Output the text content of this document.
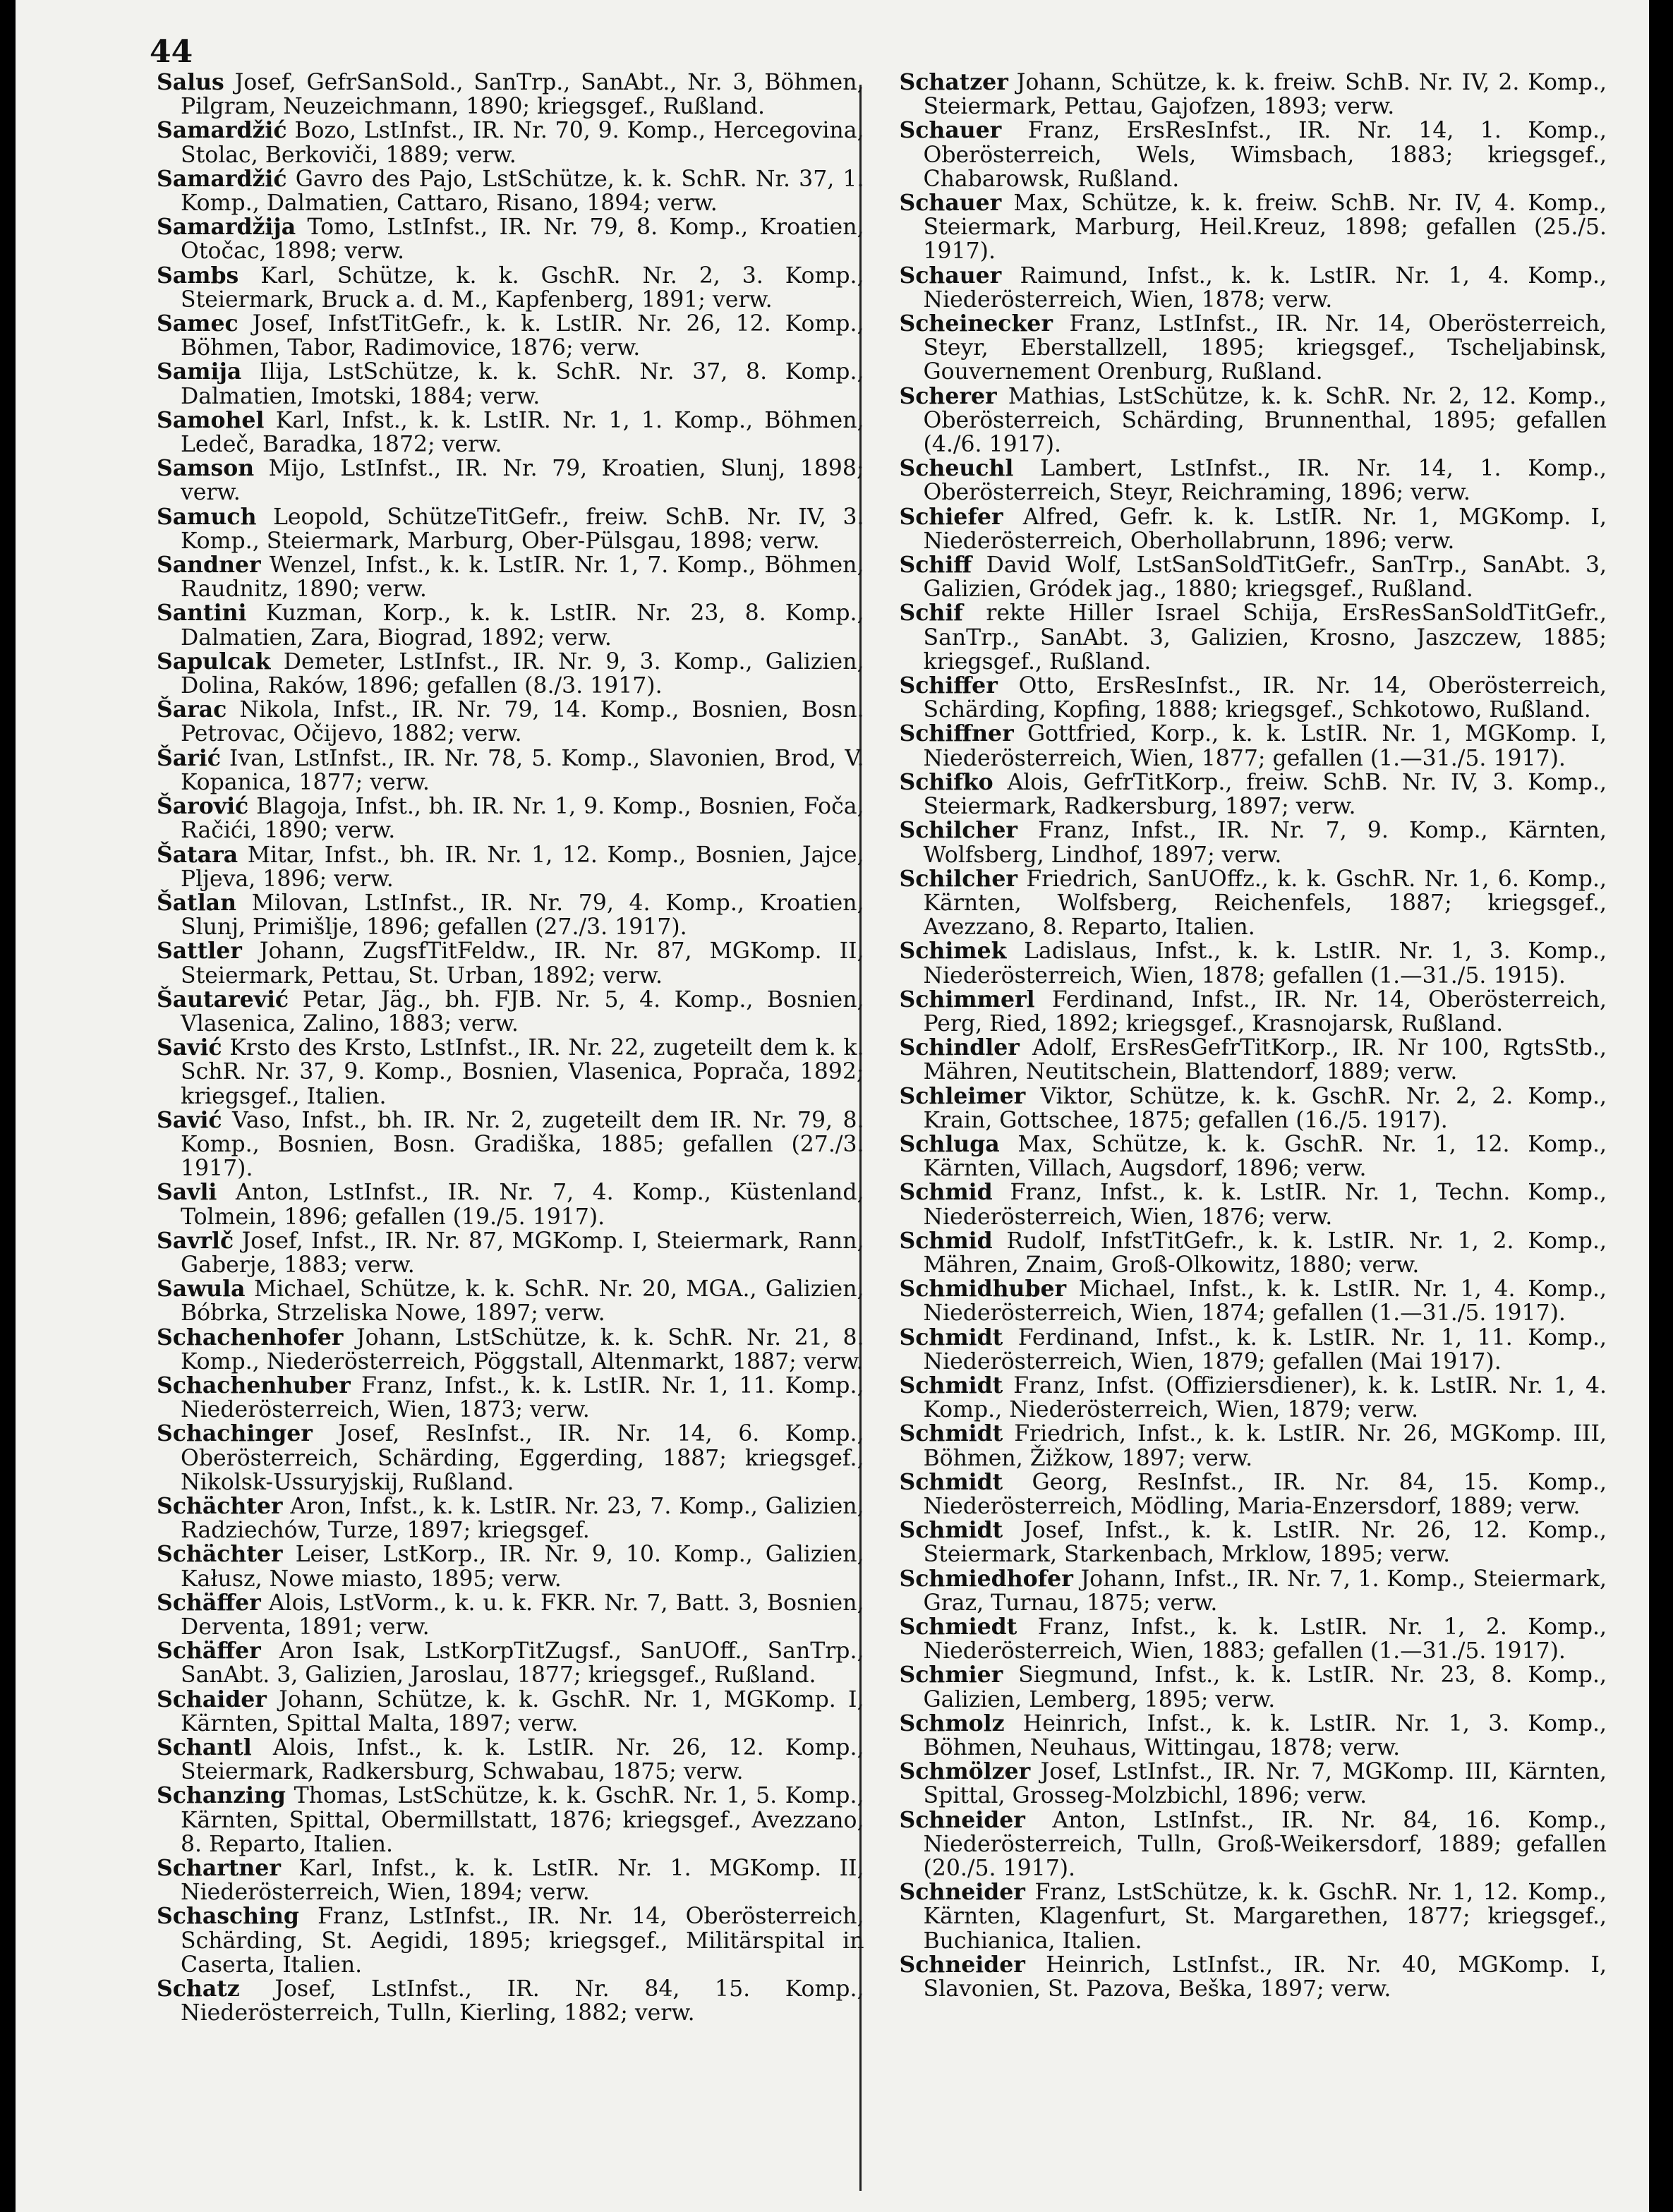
44

Salus Josef, GefrSanSold., SanTrp., SanAbt., Nr. 3, Böhmen, Pilgram, Neuzeichmann, 1890; kriegsgef., Rußland.

Samardžić Bozo, LstInfst., IR. Nr. 70, 9. Komp., Hercegovina, Stolac, Berkoviči, 1889; verw.

Samardžić Gavro des Pajo, LstSchütze, k. k. SchR. Nr. 37, 1. Komp., Dalmatien, Cattaro, Risano, 1894; verw.

Samardžija Tomo, LstInfst., IR. Nr. 79, 8. Komp., Kroatien, Otočac, 1898; verw.

Sambs Karl, Schütze, k. k. GschR. Nr. 2, 3. Komp., Steiermark, Bruck a. d. M., Kapfenberg, 1891; verw.

Samec Josef, InfstTitGefr., k. k. LstIR. Nr. 26, 12. Komp., Böhmen, Tabor, Radimovice, 1876; verw.

Samija Ilija, LstSchütze, k. k. SchR. Nr. 37, 8. Komp., Dalmatien, Imotski, 1884; verw.

Samohel Karl, Infst., k. k. LstIR. Nr. 1, 1. Komp., Böhmen, Ledeč, Baradka, 1872; verw.

Samson Mijo, LstInfst., IR. Nr. 79, Kroatien, Slunj, 1898; verw.

Samuch Leopold, SchützeTitGefr., freiw. SchB. Nr. IV, 3. Komp., Steiermark, Marburg, Ober-Pülsgau, 1898; verw.

Sandner Wenzel, Infst., k. k. LstIR. Nr. 1, 7. Komp., Böhmen, Raudnitz, 1890; verw.

Santini Kuzman, Korp., k. k. LstIR. Nr. 23, 8. Komp., Dalmatien, Zara, Biograd, 1892; verw.

Sapulcak Demeter, LstInfst., IR. Nr. 9, 3. Komp., Galizien, Dolina, Raków, 1896; gefallen (8./3. 1917).

Šarac Nikola, Infst., IR. Nr. 79, 14. Komp., Bosnien, Bosn. Petrovac, Očijevo, 1882; verw.

Šarić Ivan, LstInfst., IR. Nr. 78, 5. Komp., Slavonien, Brod, V. Kopanica, 1877; verw.

Šarović Blagoja, Infst., bh. IR. Nr. 1, 9. Komp., Bosnien, Foča, Račići, 1890; verw.

Šatara Mitar, Infst., bh. IR. Nr. 1, 12. Komp., Bosnien, Jajce, Pljeva, 1896; verw.

Šatlan Milovan, LstInfst., IR. Nr. 79, 4. Komp., Kroatien, Slunj, Primišlje, 1896; gefallen (27./3. 1917).

Sattler Johann, ZugsfTitFeldw., IR. Nr. 87, MGKomp. II, Steiermark, Pettau, St. Urban, 1892; verw.

Šautarević Petar, Jäg., bh. FJB. Nr. 5, 4. Komp., Bosnien, Vlasenica, Zalino, 1883; verw.

Savić Krsto des Krsto, LstInfst., IR. Nr. 22, zugeteilt dem k. k. SchR. Nr. 37, 9. Komp., Bosnien, Vlasenica, Poprača, 1892; kriegsgef., Italien.

Savić Vaso, Infst., bh. IR. Nr. 2, zugeteilt dem IR. Nr. 79, 8. Komp., Bosnien, Bosn. Gradiška, 1885; gefallen (27./3. 1917).

Savli Anton, LstInfst., IR. Nr. 7, 4. Komp., Küstenland, Tolmein, 1896; gefallen (19./5. 1917).

Savrlč Josef, Infst., IR. Nr. 87, MGKomp. I, Steiermark, Rann, Gaberje, 1883; verw.

Sawula Michael, Schütze, k. k. SchR. Nr. 20, MGA., Galizien, Bóbrka, Strzeliska Nowe, 1897; verw.

Schachenhofer Johann, LstSchütze, k. k. SchR. Nr. 21, 8. Komp., Niederösterreich, Pöggstall, Altenmarkt, 1887; verw.

Schachenhuber Franz, Infst., k. k. LstIR. Nr. 1, 11. Komp., Niederösterreich, Wien, 1873; verw.

Schachinger Josef, ResInfst., IR. Nr. 14, 6. Komp., Oberösterreich, Schärding, Eggerding, 1887; kriegsgef., Nikolsk-Ussuryjskij, Rußland.

Schächter Aron, Infst., k. k. LstIR. Nr. 23, 7. Komp., Galizien, Radziechów, Turze, 1897; kriegsgef.

Schächter Leiser, LstKorp., IR. Nr. 9, 10. Komp., Galizien, Kałusz, Nowe miasto, 1895; verw.

Schäffer Alois, LstVorm., k. u. k. FKR. Nr. 7, Batt. 3, Bosnien, Derventa, 1891; verw.

Schäffer Aron Isak, LstKorpTitZugsf., SanUOff., SanTrp., SanAbt. 3, Galizien, Jaroslau, 1877; kriegsgef., Rußland.

Schaider Johann, Schütze, k. k. GschR. Nr. 1, MGKomp. I, Kärnten, Spittal Malta, 1897; verw.

Schantl Alois, Infst., k. k. LstIR. Nr. 26, 12. Komp., Steiermark, Radkersburg, Schwabau, 1875; verw.

Schanzing Thomas, LstSchütze, k. k. GschR. Nr. 1, 5. Komp., Kärnten, Spittal, Obermillstatt, 1876; kriegsgef., Avezzano, 8. Reparto, Italien.

Schartner Karl, Infst., k. k. LstIR. Nr. 1. MGKomp. II, Niederösterreich, Wien, 1894; verw.

Schasching Franz, LstInfst., IR. Nr. 14, Oberösterreich, Schärding, St. Aegidi, 1895; kriegsgef., Militärspital in Caserta, Italien.

Schatz Josef, LstInfst., IR. Nr. 84, 15. Komp., Niederösterreich, Tulln, Kierling, 1882; verw.

Schatzer Johann, Schütze, k. k. freiw. SchB. Nr. IV, 2. Komp., Steiermark, Pettau, Gajofzen, 1893; verw.

Schauer Franz, ErsResInfst., IR. Nr. 14, 1. Komp., Oberösterreich, Wels, Wimsbach, 1883; kriegsgef., Chabarowsk, Rußland.

Schauer Max, Schütze, k. k. freiw. SchB. Nr. IV, 4. Komp., Steiermark, Marburg, Heil.Kreuz, 1898; gefallen (25./5. 1917).

Schauer Raimund, Infst., k. k. LstIR. Nr. 1, 4. Komp., Niederösterreich, Wien, 1878; verw.

Scheinecker Franz, LstInfst., IR. Nr. 14, Oberösterreich, Steyr, Eberstallzell, 1895; kriegsgef., Tscheljabinsk, Gouvernement Orenburg, Rußland.

Scherer Mathias, LstSchütze, k. k. SchR. Nr. 2, 12. Komp., Oberösterreich, Schärding, Brunnenthal, 1895; gefallen (4./6. 1917).

Scheuchl Lambert, LstInfst., IR. Nr. 14, 1. Komp., Oberösterreich, Steyr, Reichraming, 1896; verw.

Schiefer Alfred, Gefr. k. k. LstIR. Nr. 1, MGKomp. I, Niederösterreich, Oberhollabrunn, 1896; verw.

Schiff David Wolf, LstSanSoldTitGefr., SanTrp., SanAbt. 3, Galizien, Gródek jag., 1880; kriegsgef., Rußland.

Schif rekte Hiller Israel Schija, ErsResSanSoldTitGefr., SanTrp., SanAbt. 3, Galizien, Krosno, Jaszczew, 1885; kriegsgef., Rußland.

Schiffer Otto, ErsResInfst., IR. Nr. 14, Oberösterreich, Schärding, Kopfing, 1888; kriegsgef., Schkotowo, Rußland.

Schiffner Gottfried, Korp., k. k. LstIR. Nr. 1, MGKomp. I, Niederösterreich, Wien, 1877; gefallen (1.—31./5. 1917).

Schifko Alois, GefrTitKorp., freiw. SchB. Nr. IV, 3. Komp., Steiermark, Radkersburg, 1897; verw.

Schilcher Franz, Infst., IR. Nr. 7, 9. Komp., Kärnten, Wolfsberg, Lindhof, 1897; verw.

Schilcher Friedrich, SanUOffz., k. k. GschR. Nr. 1, 6. Komp., Kärnten, Wolfsberg, Reichenfels, 1887; kriegsgef., Avezzano, 8. Reparto, Italien.

Schimek Ladislaus, Infst., k. k. LstIR. Nr. 1, 3. Komp., Niederösterreich, Wien, 1878; gefallen (1.—31./5. 1915).

Schimmerl Ferdinand, Infst., IR. Nr. 14, Oberösterreich, Perg, Ried, 1892; kriegsgef., Krasnojarsk, Rußland.

Schindler Adolf, ErsResGefrTitKorp., IR. Nr 100, RgtsStb., Mähren, Neutitschein, Blattendorf, 1889; verw.

Schleimer Viktor, Schütze, k. k. GschR. Nr. 2, 2. Komp., Krain, Gottschee, 1875; gefallen (16./5. 1917).

Schluga Max, Schütze, k. k. GschR. Nr. 1, 12. Komp., Kärnten, Villach, Augsdorf, 1896; verw.

Schmid Franz, Infst., k. k. LstIR. Nr. 1, Techn. Komp., Niederösterreich, Wien, 1876; verw.

Schmid Rudolf, InfstTitGefr., k. k. LstIR. Nr. 1, 2. Komp., Mähren, Znaim, Groß-Olkowitz, 1880; verw.

Schmidhuber Michael, Infst., k. k. LstIR. Nr. 1, 4. Komp., Niederösterreich, Wien, 1874; gefallen (1.—31./5. 1917).

Schmidt Ferdinand, Infst., k. k. LstIR. Nr. 1, 11. Komp., Niederösterreich, Wien, 1879; gefallen (Mai 1917).

Schmidt Franz, Infst. (Offiziersdiener), k. k. LstIR. Nr. 1, 4. Komp., Niederösterreich, Wien, 1879; verw.

Schmidt Friedrich, Infst., k. k. LstIR. Nr. 26, MGKomp. III, Böhmen, Žižkow, 1897; verw.

Schmidt Georg, ResInfst., IR. Nr. 84, 15. Komp., Niederösterreich, Mödling, Maria-Enzersdorf, 1889; verw.

Schmidt Josef, Infst., k. k. LstIR. Nr. 26, 12. Komp., Steiermark, Starkenbach, Mrklow, 1895; verw.

Schmiedhofer Johann, Infst., IR. Nr. 7, 1. Komp., Steiermark, Graz, Turnau, 1875; verw.

Schmiedt Franz, Infst., k. k. LstIR. Nr. 1, 2. Komp., Niederösterreich, Wien, 1883; gefallen (1.—31./5. 1917).

Schmier Siegmund, Infst., k. k. LstIR. Nr. 23, 8. Komp., Galizien, Lemberg, 1895; verw.

Schmolz Heinrich, Infst., k. k. LstIR. Nr. 1, 3. Komp., Böhmen, Neuhaus, Wittingau, 1878; verw.

Schmölzer Josef, LstInfst., IR. Nr. 7, MGKomp. III, Kärnten, Spittal, Grosseg-Molzbichl, 1896; verw.

Schneider Anton, LstInfst., IR. Nr. 84, 16. Komp., Niederösterreich, Tulln, Groß-Weikersdorf, 1889; gefallen (20./5. 1917).

Schneider Franz, LstSchütze, k. k. GschR. Nr. 1, 12. Komp., Kärnten, Klagenfurt, St. Margarethen, 1877; kriegsgef., Buchianica, Italien.

Schneider Heinrich, LstInfst., IR. Nr. 40, MGKomp. I, Slavonien, St. Pazova, Beška, 1897; verw.
